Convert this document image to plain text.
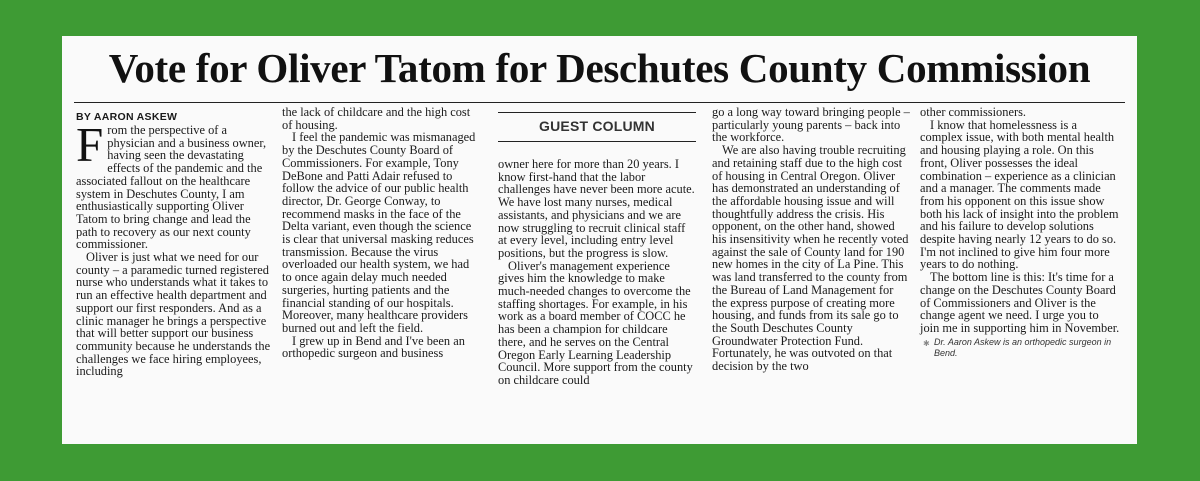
Vote for Oliver Tatom for Deschutes County Commission
BY AARON ASKEW

From the perspective of a physician and a business owner, having seen the devastating effects of the pandemic and the associated fallout on the healthcare system in Deschutes County, I am enthusiastically supporting Oliver Tatom to bring change and lead the path to recovery as our next county commissioner.

Oliver is just what we need for our county – a paramedic turned registered nurse who understands what it takes to run an effective health department and support our first responders. And as a clinic manager he brings a perspective that will better support our business community because he understands the challenges we face hiring employees, including

the lack of childcare and the high cost of housing.

I feel the pandemic was mismanaged by the Deschutes County Board of Commissioners. For example, Tony DeBone and Patti Adair refused to follow the advice of our public health director, Dr. George Conway, to recommend masks in the face of the Delta variant, even though the science is clear that universal masking reduces transmission. Because the virus overloaded our health system, we had to once again delay much needed surgeries, hurting patients and the financial standing of our hospitals. Moreover, many healthcare providers burned out and left the field.

I grew up in Bend and I've been an orthopedic surgeon and business

GUEST COLUMN

owner here for more than 20 years. I know first-hand that the labor challenges have never been more acute. We have lost many nurses, medical assistants, and physicians and we are now struggling to recruit clinical staff at every level, including entry level positions, but the progress is slow.

Oliver's management experience gives him the knowledge to make much-needed changes to overcome the staffing shortages. For example, in his work as a board member of COCC he has been a champion for childcare there, and he serves on the Central Oregon Early Learning Leadership Council. More support from the county on childcare could

go a long way toward bringing people – particularly young parents – back into the workforce.

We are also having trouble recruiting and retaining staff due to the high cost of housing in Central Oregon. Oliver has demonstrated an understanding of the affordable housing issue and will thoughtfully address the crisis. His opponent, on the other hand, showed his insensitivity when he recently voted against the sale of County land for 190 new homes in the city of La Pine. This was land transferred to the county from the Bureau of Land Management for the express purpose of creating more housing, and funds from its sale go to the South Deschutes County Groundwater Protection Fund. Fortunately, he was outvoted on that decision by the two

other commissioners.

I know that homelessness is a complex issue, with both mental health and housing playing a role. On this front, Oliver possesses the ideal combination – experience as a clinician and a manager. The comments made from his opponent on this issue show both his lack of insight into the problem and his failure to develop solutions despite having nearly 12 years to do so. I'm not inclined to give him four more years to do nothing.

The bottom line is this: It's time for a change on the Deschutes County Board of Commissioners and Oliver is the change agent we need. I urge you to join me in supporting him in November.

✱ Dr. Aaron Askew is an orthopedic surgeon in Bend.
